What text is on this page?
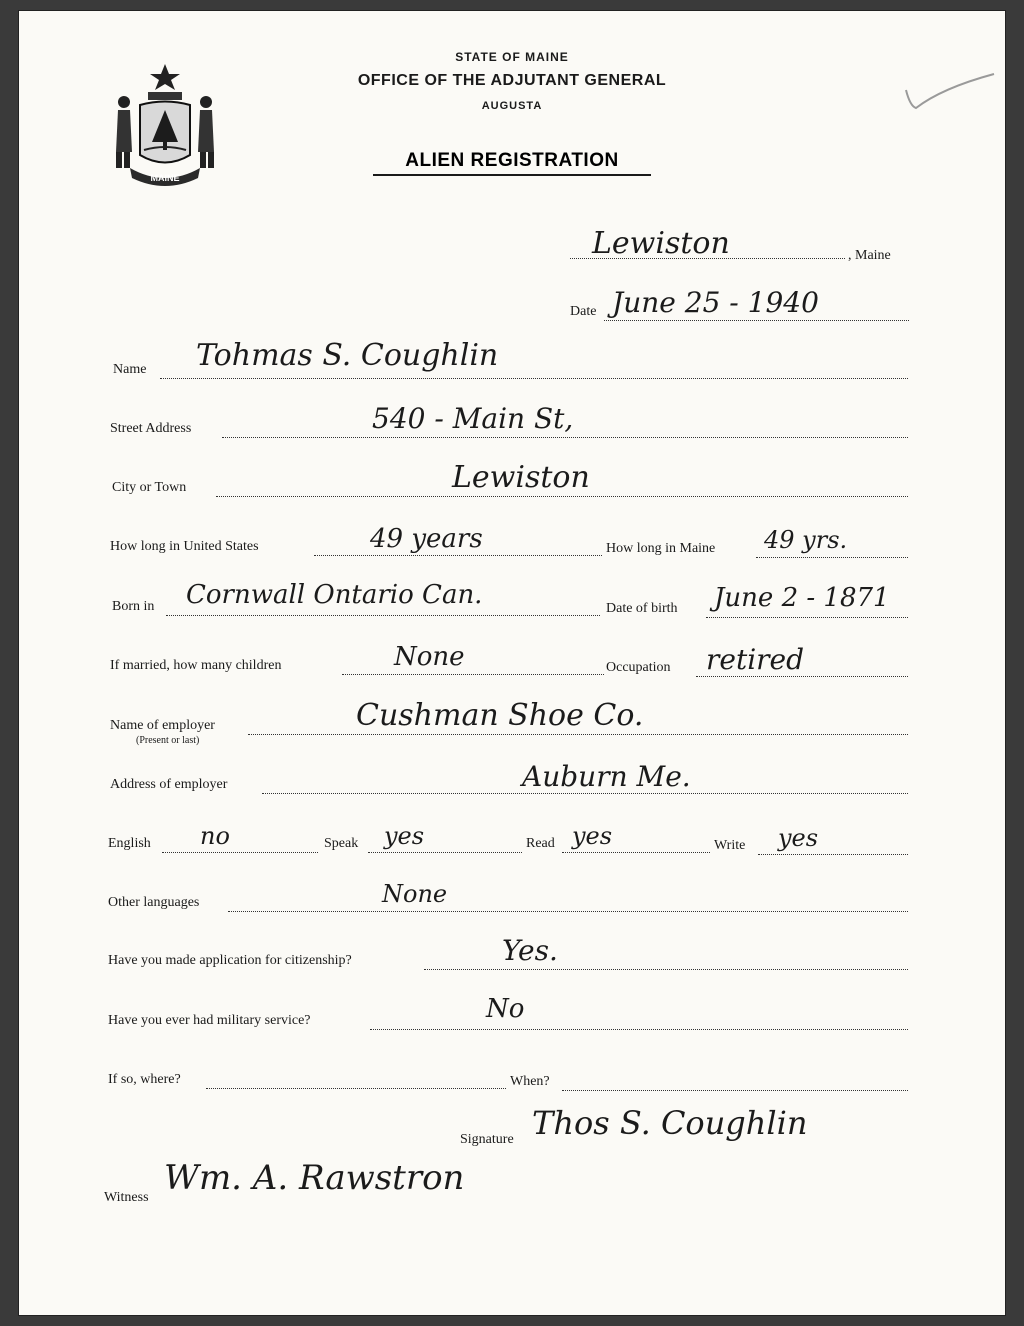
MAINE
STATE OF MAINE
OFFICE OF THE ADJUTANT GENERAL
AUGUSTA
ALIEN REGISTRATION
Lewiston	, Maine
Date June 25 - 1940
Name Tohmas S. Coughlin
Street Address	540 - Main St,
City or Town	Lewiston
How long in United States	49 years	How long in Maine 49 yrs.
Born in Cornwall Ontario Can.	Date of birth June 2 - 1871
If married, how many children	None	Occupation retired
Name of employer
(Present or last)
Cushman Shoe Co.
Address of employer	Auburn Me.
English no	Speak yes	Read yes	Write yes
Other languages	None
Have you made application for citizenship?	Yes.
Have you ever had military service?	No
If so, where?	When?
Signature Thos S. Coughlin
Witness Wm. A. Rawstron
